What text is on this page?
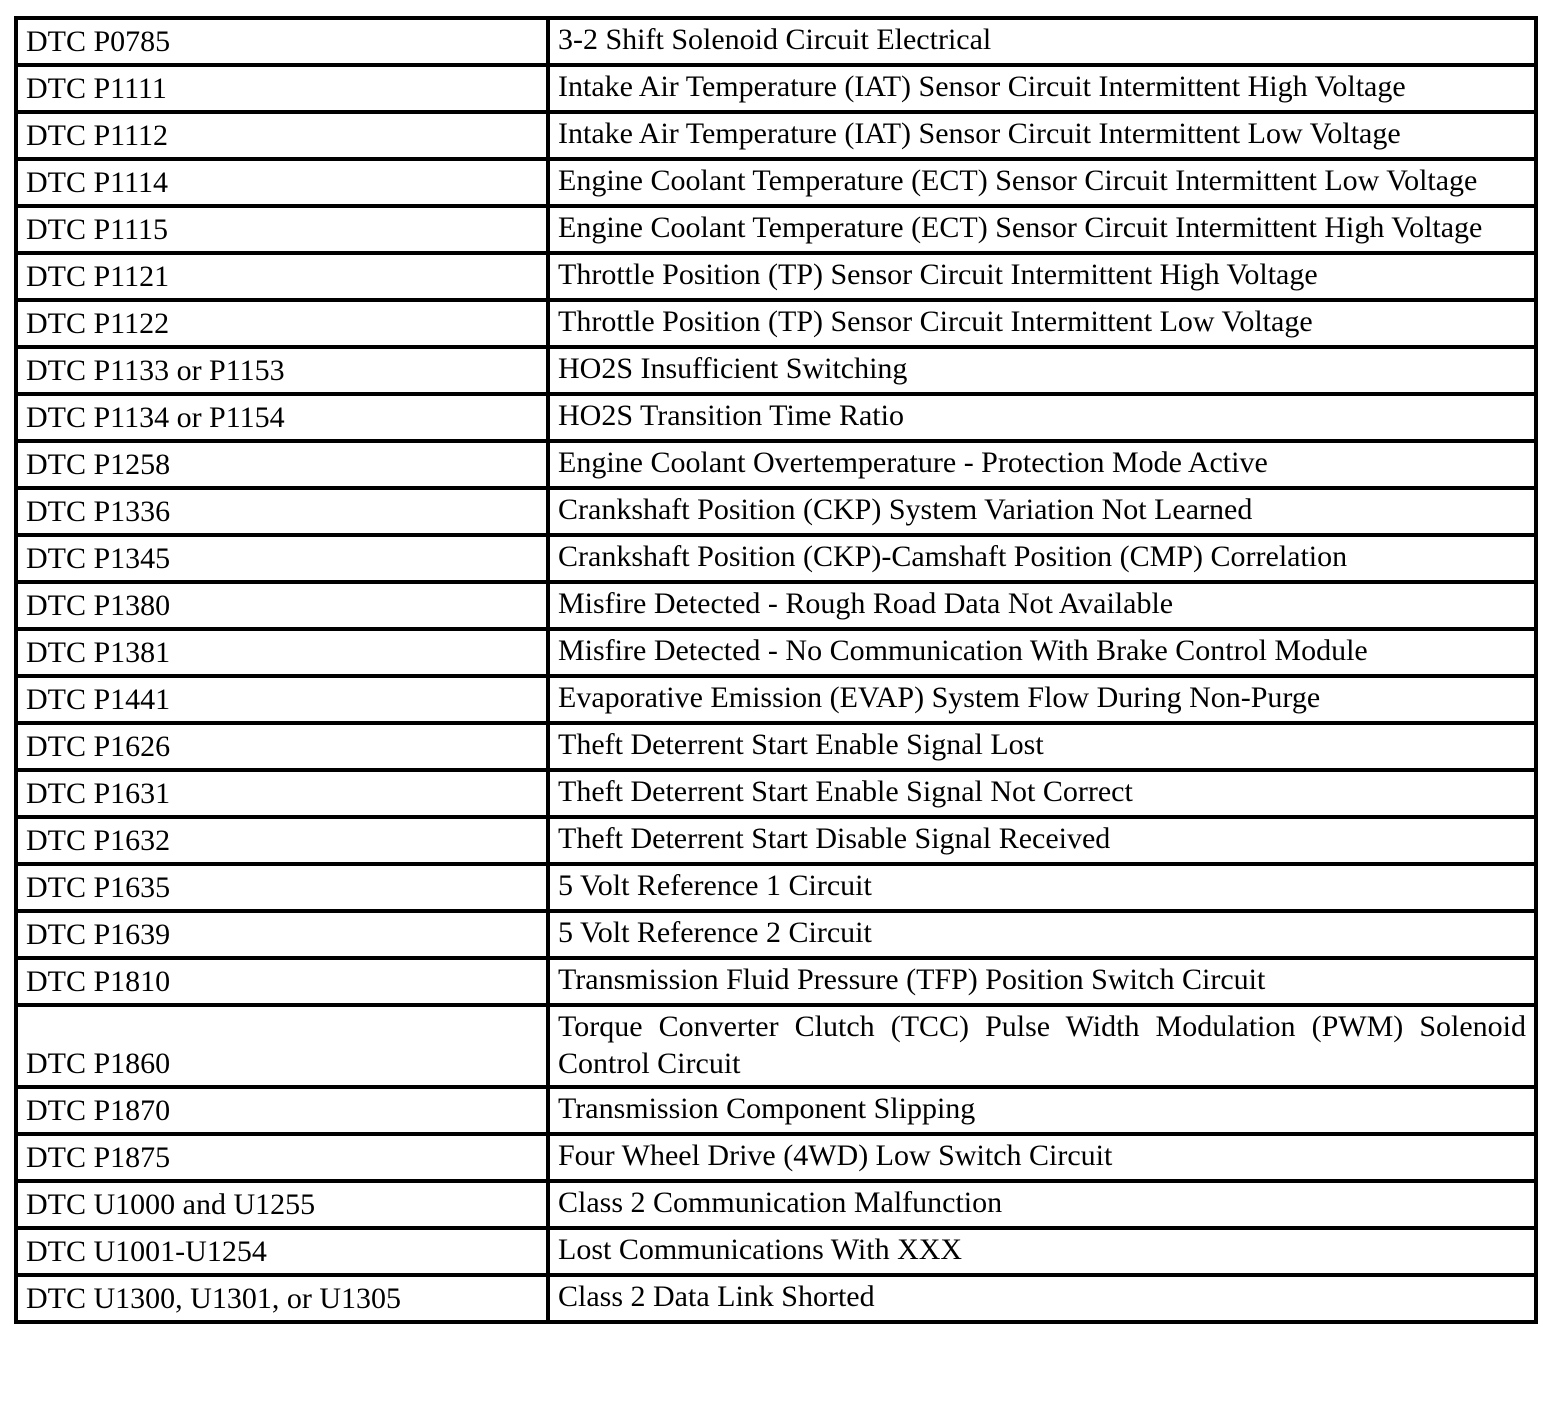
DTC P0785	3-2 Shift Solenoid Circuit Electrical
DTC P1111	Intake Air Temperature (IAT) Sensor Circuit Intermittent High Voltage
DTC P1112	Intake Air Temperature (IAT) Sensor Circuit Intermittent Low Voltage
DTC P1114	Engine Coolant Temperature (ECT) Sensor Circuit Intermittent Low Voltage
DTC P1115	Engine Coolant Temperature (ECT) Sensor Circuit Intermittent High Voltage
DTC P1121	Throttle Position (TP) Sensor Circuit Intermittent High Voltage
DTC P1122	Throttle Position (TP) Sensor Circuit Intermittent Low Voltage
DTC P1133 or P1153	HO2S Insufficient Switching
DTC P1134 or P1154	HO2S Transition Time Ratio
DTC P1258	Engine Coolant Overtemperature - Protection Mode Active
DTC P1336	Crankshaft Position (CKP) System Variation Not Learned
DTC P1345	Crankshaft Position (CKP)-Camshaft Position (CMP) Correlation
DTC P1380	Misfire Detected - Rough Road Data Not Available
DTC P1381	Misfire Detected - No Communication With Brake Control Module
DTC P1441	Evaporative Emission (EVAP) System Flow During Non-Purge
DTC P1626	Theft Deterrent Start Enable Signal Lost
DTC P1631	Theft Deterrent Start Enable Signal Not Correct
DTC P1632	Theft Deterrent Start Disable Signal Received
DTC P1635	5 Volt Reference 1 Circuit
DTC P1639	5 Volt Reference 2 Circuit
DTC P1810	Transmission Fluid Pressure (TFP) Position Switch Circuit
DTC P1860	Torque Converter Clutch (TCC) Pulse Width Modulation (PWM) Solenoid Control Circuit
DTC P1870	Transmission Component Slipping
DTC P1875	Four Wheel Drive (4WD) Low Switch Circuit
DTC U1000 and U1255	Class 2 Communication Malfunction
DTC U1001-U1254	Lost Communications With XXX
DTC U1300, U1301, or U1305	Class 2 Data Link Shorted
